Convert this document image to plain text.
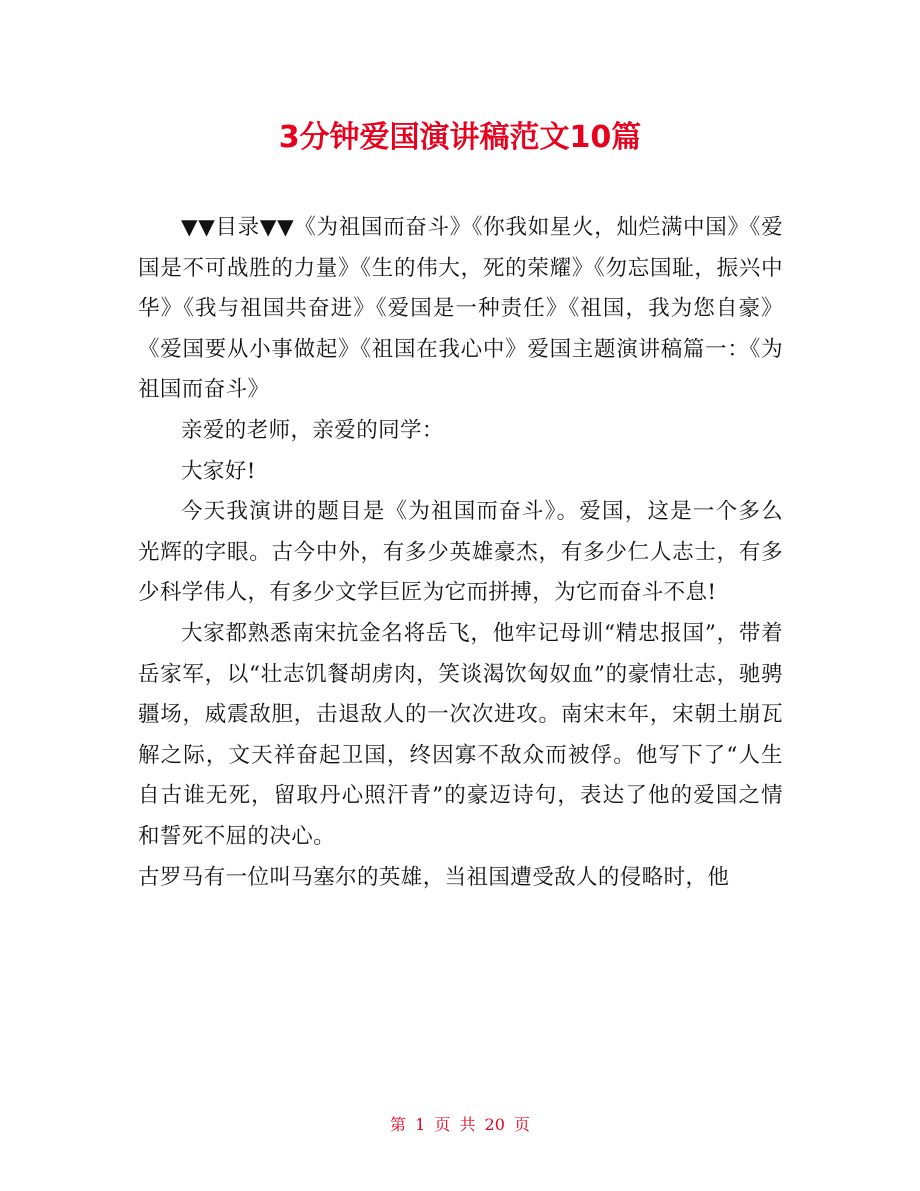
3分钟爱国演讲稿范文10篇

▼▼目录▼▼《为祖国而奋斗》《你我如星火，灿烂满中国》《爱国是不可战胜的力量》《生的伟大，死的荣耀》《勿忘国耻，振兴中华》《我与祖国共奋进》《爱国是一种责任》《祖国，我为您自豪》《爱国要从小事做起》《祖国在我心中》爱国主题演讲稿篇一：《为祖国而奋斗》

亲爱的老师，亲爱的同学：

大家好!

今天我演讲的题目是《为祖国而奋斗》。爱国，这是一个多么光辉的字眼。古今中外，有多少英雄豪杰，有多少仁人志士，有多少科学伟人，有多少文学巨匠为它而拼搏，为它而奋斗不息!

大家都熟悉南宋抗金名将岳飞，他牢记母训“精忠报国”，带着岳家军，以“壮志饥餐胡虏肉，笑谈渴饮匈奴血”的豪情壮志，驰骋疆场，威震敌胆，击退敌人的一次次进攻。南宋末年，宋朝土崩瓦解之际，文天祥奋起卫国，终因寡不敌众而被俘。他写下了“人生自古谁无死，留取丹心照汗青”的豪迈诗句，表达了他的爱国之情和誓死不屈的决心。

古罗马有一位叫马塞尔的英雄，当祖国遭受敌人的侵略时，他

第 1 页 共 20 页
